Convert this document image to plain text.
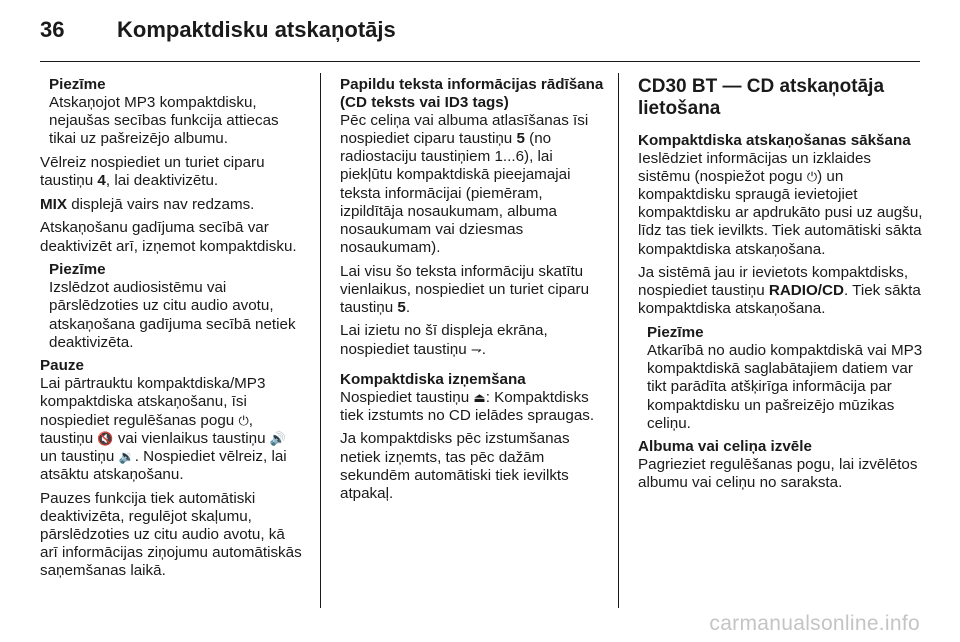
36 Kompaktdisku atskaņotājs
Piezīme
Atskaņojot MP3 kompaktdisku, nejaušas secības funkcija attiecas tikai uz pašreizējo albumu.

Vēlreiz nospiediet un turiet ciparu taustiņu 4, lai deaktivizētu.

MIX displejā vairs nav redzams.

Atskaņošanu gadījuma secībā var deaktivizēt arī, izņemot kompaktdisku.

Piezīme
Izslēdzot audiosistēmu vai pārslēdzoties uz citu audio avotu, atskaņošana gadījuma secībā netiek deaktivizēta.
Pauze

Lai pārtrauktu kompaktdiska/MP3 kompaktdiska atskaņošanu, īsi nospiediet regulēšanas pogu ⏻, taustiņu 🔇 vai vienlaikus taustiņu 🔊 un taustiņu 🔉. Nospiediet vēlreiz, lai atsāktu atskaņošanu.

Pauzes funkcija tiek automātiski deaktivizēta, regulējot skaļumu, pārslēdzoties uz citu audio avotu, kā arī informācijas ziņojumu automātiskās saņemšanas laikā.

Papildu teksta informācijas rādīšana (CD teksts vai ID3 tags)

Pēc celiņa vai albuma atlasīšanas īsi nospiediet ciparu taustiņu 5 (no radiostaciju taustiņiem 1...6), lai piekļūtu kompaktdiskā pieejamajai teksta informācijai (piemēram, izpildītāja nosaukumam, albuma nosaukumam vai dziesmas nosaukumam).

Lai visu šo teksta informāciju skatītu vienlaikus, nospiediet un turiet ciparu taustiņu 5.

Lai izietu no šī displeja ekrāna, nospiediet taustiņu ⇁.

Kompaktdiska izņemšana

Nospiediet taustiņu ⏏: Kompaktdisks tiek izstumts no CD ielādes spraugas.

Ja kompaktdisks pēc izstumšanas netiek izņemts, tas pēc dažām sekundēm automātiski tiek ievilkts atpakaļ.

CD30 BT — CD atskaņotāja lietošana
Kompaktdiska atskaņošanas sākšana

Ieslēdziet informācijas un izklaides sistēmu (nospiežot pogu ⏻) un kompaktdisku spraugā ievietojiet kompaktdisku ar apdrukāto pusi uz augšu, līdz tas tiek ievilkts. Tiek automātiski sākta kompaktdiska atskaņošana.

Ja sistēmā jau ir ievietots kompaktdisks, nospiediet taustiņu RADIO/CD. Tiek sākta kompaktdiska atskaņošana.

Piezīme
Atkarībā no audio kompaktdiskā vai MP3 kompaktdiskā saglabātajiem datiem var tikt parādīta atšķirīga informācija par kompaktdisku un pašreizējo mūzikas celiņu.
Albuma vai celiņa izvēle

Pagrieziet regulēšanas pogu, lai izvēlētos albumu vai celiņu no saraksta.

carmanualsonline.info
